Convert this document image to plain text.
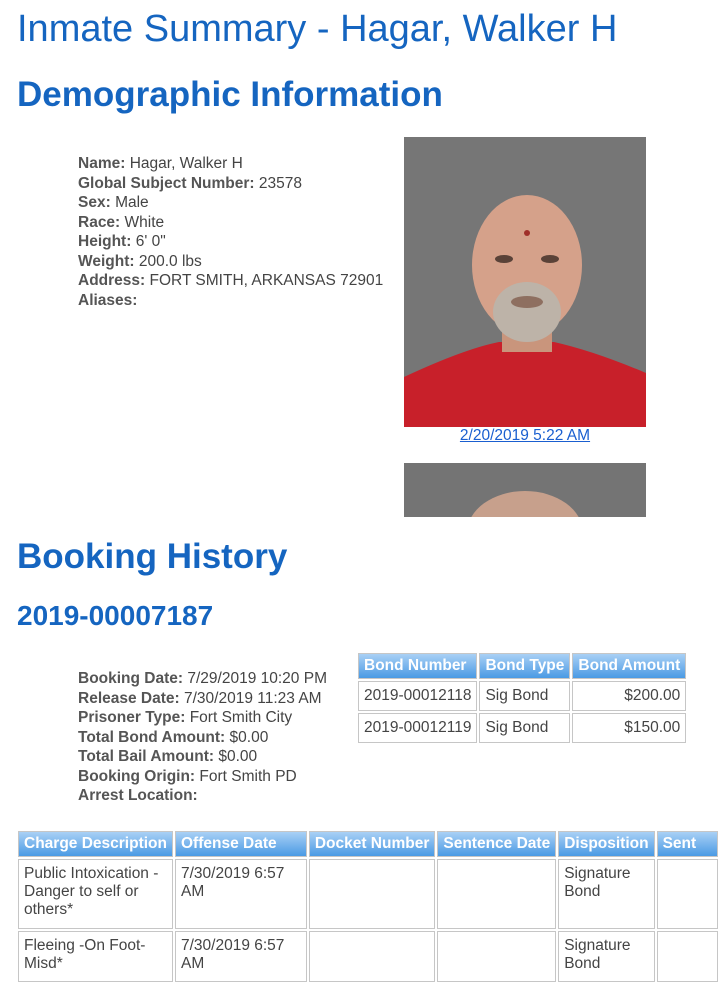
Inmate Summary - Hagar, Walker H
Demographic Information
Name: Hagar, Walker H
Global Subject Number: 23578
Sex: Male
Race: White
Height: 6' 0"
Weight: 200.0 lbs
Address: FORT SMITH, ARKANSAS 72901
Aliases:
2/20/2019 5:22 AM
Booking History
2019-00007187
Booking Date: 7/29/2019 10:20 PM
Release Date: 7/30/2019 11:23 AM
Prisoner Type: Fort Smith City
Total Bond Amount: $0.00
Total Bail Amount: $0.00
Booking Origin: Fort Smith PD
Arrest Location:
Bond Number	Bond Type	Bond Amount
2019-00012118	Sig Bond	$200.00
2019-00012119	Sig Bond	$150.00
Charge Description	Offense Date	Docket Number	Sentence Date	Disposition	Sent
Public Intoxication - Danger to self or others*	7/30/2019 6:57 AM			Signature Bond	
Fleeing -On Foot-Misd*	7/30/2019 6:57 AM			Signature Bond	
